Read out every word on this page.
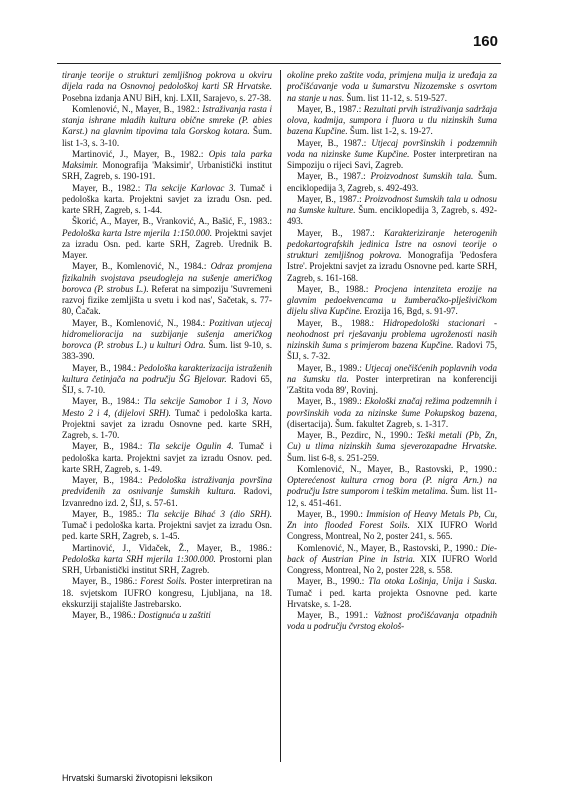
160

tiranje teorije o strukturi zemljišnog pokrova u okviru dijela rada na Osnovnoj pedološkoj karti SR Hrvatske. Posebna izdanja ANU BiH, knj. LXII, Sarajevo, s. 27-38.

Komlenović, N., Mayer, B., 1982.: Istraživanja rasta i stanja ishrane mladih kultura obične smreke (P. abies Karst.) na glavnim tipovima tala Gorskog kotara. Šum. list 1-3, s. 3-10.

Martinović, J., Mayer, B., 1982.: Opis tala parka Maksimir. Monografija 'Maksimir', Urbanistički institut SRH, Zagreb, s. 190-191.

Mayer, B., 1982.: Tla sekcije Karlovac 3. Tumač i pedološka karta. Projektni savjet za izradu Osn. ped. karte SRH, Zagreb, s. 1-44.

Škorić, A., Mayer, B., Vranković, A., Bašić, F., 1983.: Pedološka karta Istre mjerila 1:150.000. Projektni savjet za izradu Osn. ped. karte SRH, Zagreb. Urednik B. Mayer.

Mayer, B., Komlenović, N., 1984.: Odraz promjena fizikalnih svojstava pseudogleja na sušenje američkog borovca (P. strobus L.). Referat na simpoziju 'Suvremeni razvoj fizike zemljišta u svetu i kod nas', Sačetak, s. 77-80, Čačak.

Mayer, B., Komlenović, N., 1984.: Pozitivan utjecaj hidromelioracija na suzbijanje sušenja američkog borovca (P. strobus L.) u kulturi Odra. Šum. list 9-10, s. 383-390.

Mayer, B., 1984.: Pedološka karakterizacija istraženih kultura četinjača na području ŠG Bjelovar. Radovi 65, ŠIJ, s. 7-10.

Mayer, B., 1984.: Tla sekcije Samobor 1 i 3, Novo Mesto 2 i 4, (dijelovi SRH). Tumač i pedološka karta. Projektni savjet za izradu Osnovne ped. karte SRH, Zagreb, s. 1-70.

Mayer, B., 1984.: Tla sekcije Ogulin 4. Tumač i pedološka karta. Projektni savjet za izradu Osnov. ped. karte SRH, Zagreb, s. 1-49.

Mayer, B., 1984.: Pedološka istraživanja površina predviđenih za osnivanje šumskih kultura. Radovi, Izvanredno izd. 2, ŠIJ, s. 57-61.

Mayer, B., 1985.: Tla sekcije Bihać 3 (dio SRH). Tumač i pedološka karta. Projektni savjet za izradu Osn. ped. karte SRH, Zagreb, s. 1-45.

Martinović, J., Vidaček, Ž., Mayer, B., 1986.: Pedološka karta SRH mjerila 1:300.000. Prostorni plan SRH, Urbanistički institut SRH, Zagreb.

Mayer, B., 1986.: Forest Soils. Poster interpretiran na 18. svjetskom IUFRO kongresu, Ljubljana, na 18. ekskurziji stajalište Jastrebarsko.

Mayer, B., 1986.: Dostignuća u zaštiti

okoline preko zaštite voda, primjena mulja iz uređaja za pročišćavanje voda u šumarstvu Nizozemske s osvrtom na stanje u nas. Šum. list 11-12, s. 519-527.

Mayer, B., 1987.: Rezultati prvih istraživanja sadržaja olova, kadmija, sumpora i fluora u tlu nizinskih šuma bazena Kupčine. Šum. list 1-2, s. 19-27.

Mayer, B., 1987.: Utjecaj površinskih i podzemnih voda na nizinske šume Kupčine. Poster interpretiran na Simpoziju o rijeci Savi, Zagreb.

Mayer, B., 1987.: Proizvodnost šumskih tala. Šum. enciklopedija 3, Zagreb, s. 492-493.

Mayer, B., 1987.: Proizvodnost šumskih tala u odnosu na šumske kulture. Šum. enciklopedija 3, Zagreb, s. 492-493.

Mayer, B., 1987.: Karakteriziranje heterogenih pedokartografskih jedinica Istre na osnovi teorije o strukturi zemljišnog pokrova. Monografija 'Pedosfera Istre'. Projektni savjet za izradu Osnovne ped. karte SRH, Zagreb, s. 161-168.

Mayer, B., 1988.: Procjena intenziteta erozije na glavnim pedoekvencama u žumberačko-plješivičkom dijelu sliva Kupčine. Erozija 16, Bgd, s. 91-97.

Mayer, B., 1988.: Hidropedološki stacionari - neohodnost pri rješavanju problema ugroženosti nasih nizinskih šuma s primjerom bazena Kupčine. Radovi 75, ŠIJ, s. 7-32.

Mayer, B., 1989.: Utjecaj onečišćenih poplavnih voda na šumsku tla. Poster interpretiran na konferenciji 'Zaštita voda 89', Rovinj.

Mayer, B., 1989.: Ekološki značaj režima podzemnih i površinskih voda za nizinske šume Pokupskog bazena, (disertacija). Šum. fakultet Zagreb, s. 1-317.

Mayer, B., Pezdirc, N., 1990.: Teški metali (Pb, Zn, Cu) u tlima nizinskih šuma sjeverozapadne Hrvatske. Šum. list 6-8, s. 251-259.

Komlenović, N., Mayer, B., Rastovski, P., 1990.: Opterećenost kultura crnog bora (P. nigra Arn.) na području Istre sumporom i teškim metalima. Šum. list 11-12, s. 451-461.

Mayer, B., 1990.: Immision of Heavy Metals Pb, Cu, Zn into flooded Forest Soils. XIX IUFRO World Congress, Montreal, No 2, poster 241, s. 565.

Komlenović, N., Mayer, B., Rastovski, P., 1990.: Die-back of Austrian Pine in Istria. XIX IUFRO World Congress, Montreal, No 2, poster 228, s. 558.

Mayer, B., 1990.: Tla otoka Lošinja, Unija i Suska. Tumač i ped. karta projekta Osnovne ped. karte Hrvatske, s. 1-28.

Mayer, B., 1991.: Važnost pročišćavanja otpadnih voda u području čvrstog ekološ-

Hrvatski šumarski životopisni leksikon
